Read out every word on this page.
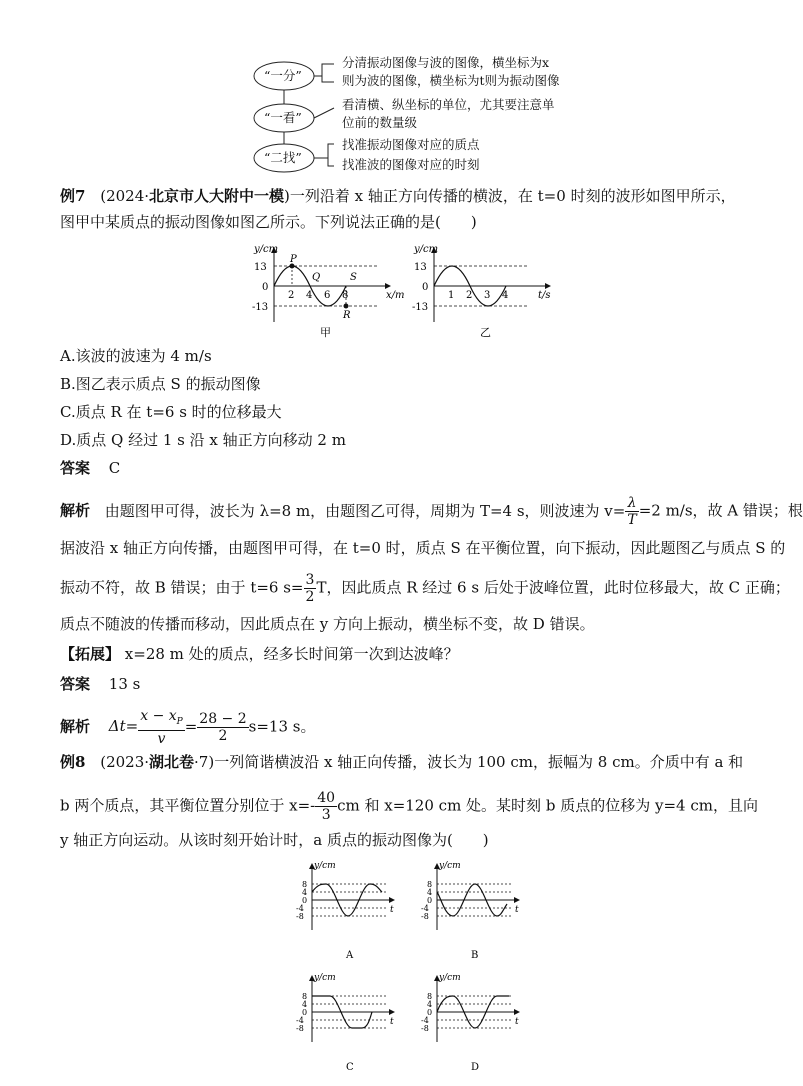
“一分”
“一看”
“二找”
分清振动图像与波的图像，横坐标为x
则为波的图像，横坐标为t则为振动图像
看清横、纵坐标的单位，尤其要注意单
位前的数量级
找准振动图像对应的质点
找准波的图像对应的时刻
例7 (2024·北京市人大附中一模)一列沿着 x 轴正方向传播的横波，在 t=0 时刻的波形如图甲所示，
图甲中某质点的振动图像如图乙所示。下列说法正确的是(　　)
y/cm
x/m
13
0
-13
2 4 6 8
P
Q
R
S
甲
y/cm
t/s
13
0
-13
1 2 3 4
乙
A.该波的波速为 4 m/s
B.图乙表示质点 S 的振动图像
C.质点 R 在 t=6 s 时的位移最大
D.质点 Q 经过 1 s 沿 x 轴正方向移动 2 m
答案 C
解析 由题图甲可得，波长为 λ=8 m，由题图乙可得，周期为 T=4 s，则波速为 $v= \frac{\lambda}{T} =2$ m/s，故 A 错误；根
据波沿 x 轴正方向传播，由题图甲可得，在 t=0 时，质点 S 在平衡位置，向下振动，因此题图乙与质点 S 的
振动不符，故 B 错误；由于 t=6 $s= \frac{3}{2}$ T，因此质点 R 经过 6 s 后处于波峰位置，此时位移最大，故 C 正确；
质点不随波的传播而移动，因此质点在 y 方向上振动，横坐标不变，故 D 错误。
【拓展】 x=28 m 处的质点，经多长时间第一次到达波峰？
答案 13 s
解析 $\Delta t= \frac{x - x_P}{v} = \frac{28 - 2}{2} s=13$ s。
例8 (2023·湖北卷·7)一列简谐横波沿 x 轴正向传播，波长为 100 cm，振幅为 8 cm。介质中有 a 和
b 两个质点，其平衡位置分别位于 $x=- \frac{40}{3}$ cm 和 x=120 cm 处。某时刻 b 质点的位移为 y=4 cm，且向
y 轴正方向运动。从该时刻开始计时，a 质点的振动图像为(　　)
y/cm
t
8
4
0
-4
-8
A
y/cm
t
8
4
0
-4
-8
B
y/cm
t
8
4
0
-4
-8
C
y/cm
t
8
4
0
-4
-8
D
